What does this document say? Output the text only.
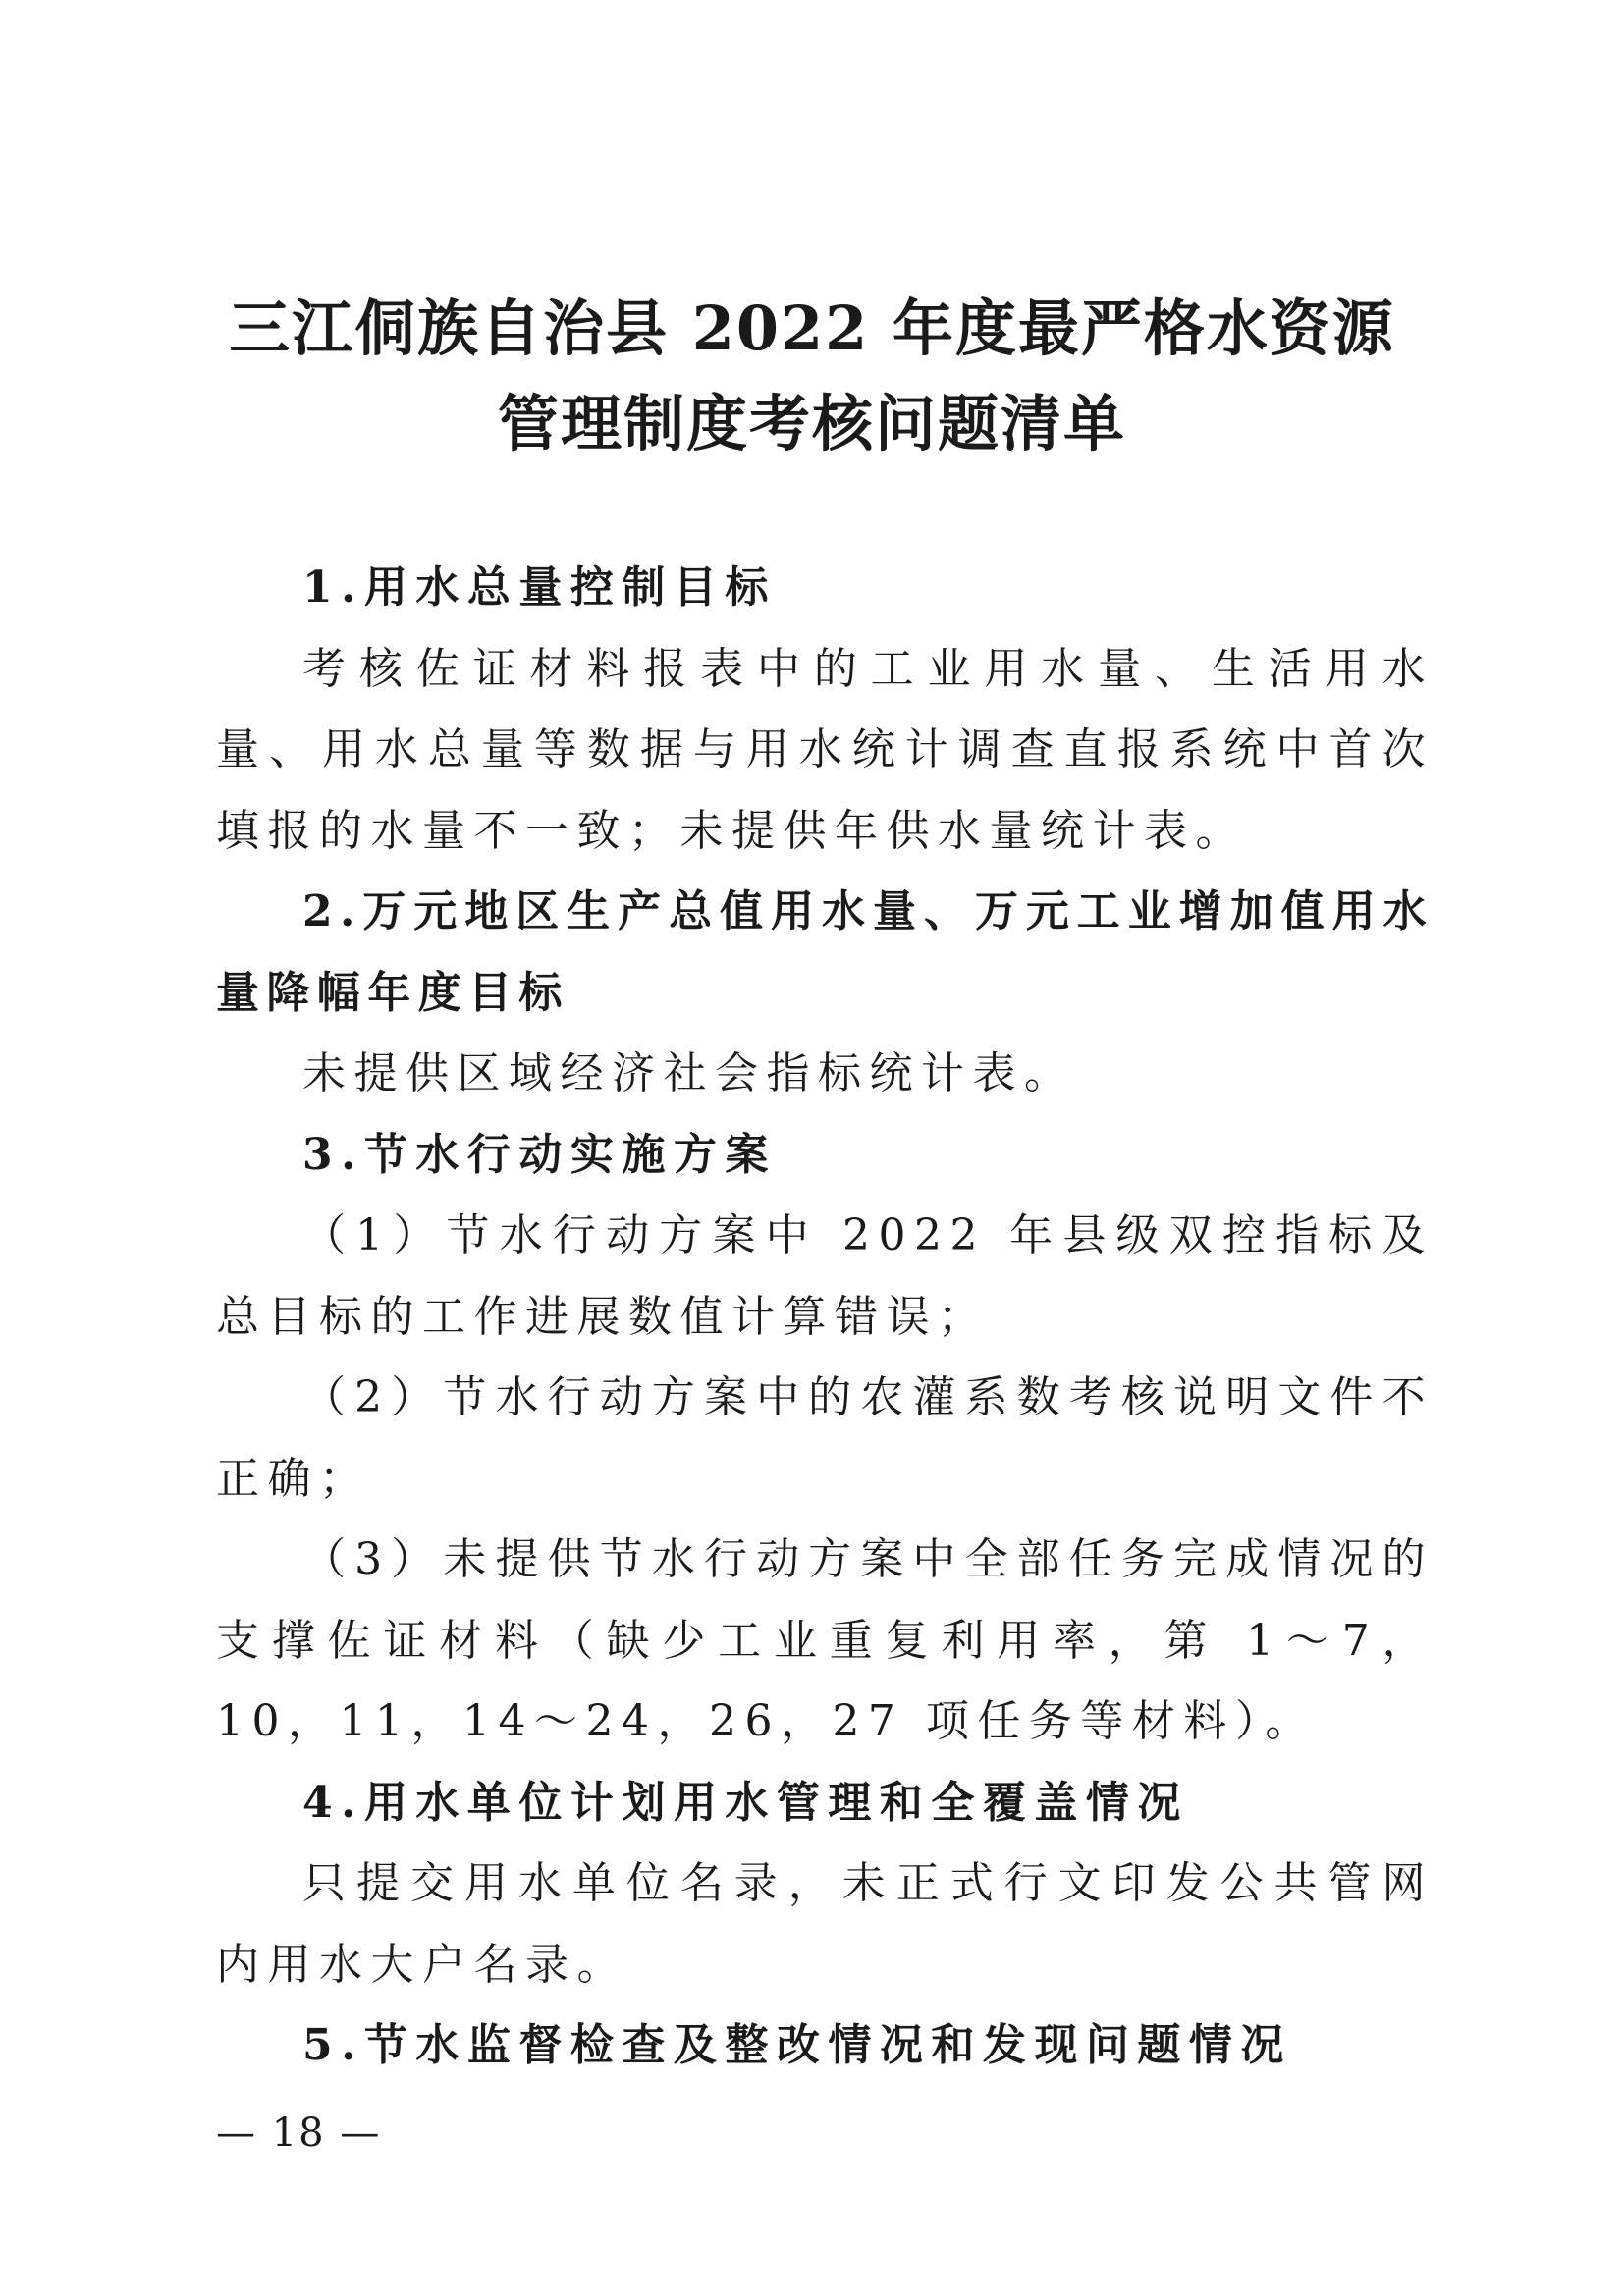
三江侗族自治县 2022 年度最严格水资源
管理制度考核问题清单

1.用水总量控制目标

考核佐证材料报表中的工业用水量、生活用水量、用水总量等数据与用水统计调查直报系统中首次填报的水量不一致；未提供年供水量统计表。

2.万元地区生产总值用水量、万元工业增加值用水量降幅年度目标

未提供区域经济社会指标统计表。

3.节水行动实施方案

（1）节水行动方案中 2022 年县级双控指标及总目标的工作进展数值计算错误；

（2）节水行动方案中的农灌系数考核说明文件不正确；

（3）未提供节水行动方案中全部任务完成情况的支撑佐证材料（缺少工业重复利用率，第 1～7，10，11，14～24，26，27 项任务等材料）。

4.用水单位计划用水管理和全覆盖情况

只提交用水单位名录，未正式行文印发公共管网内用水大户名录。

5.节水监督检查及整改情况和发现问题情况

— 18 —
